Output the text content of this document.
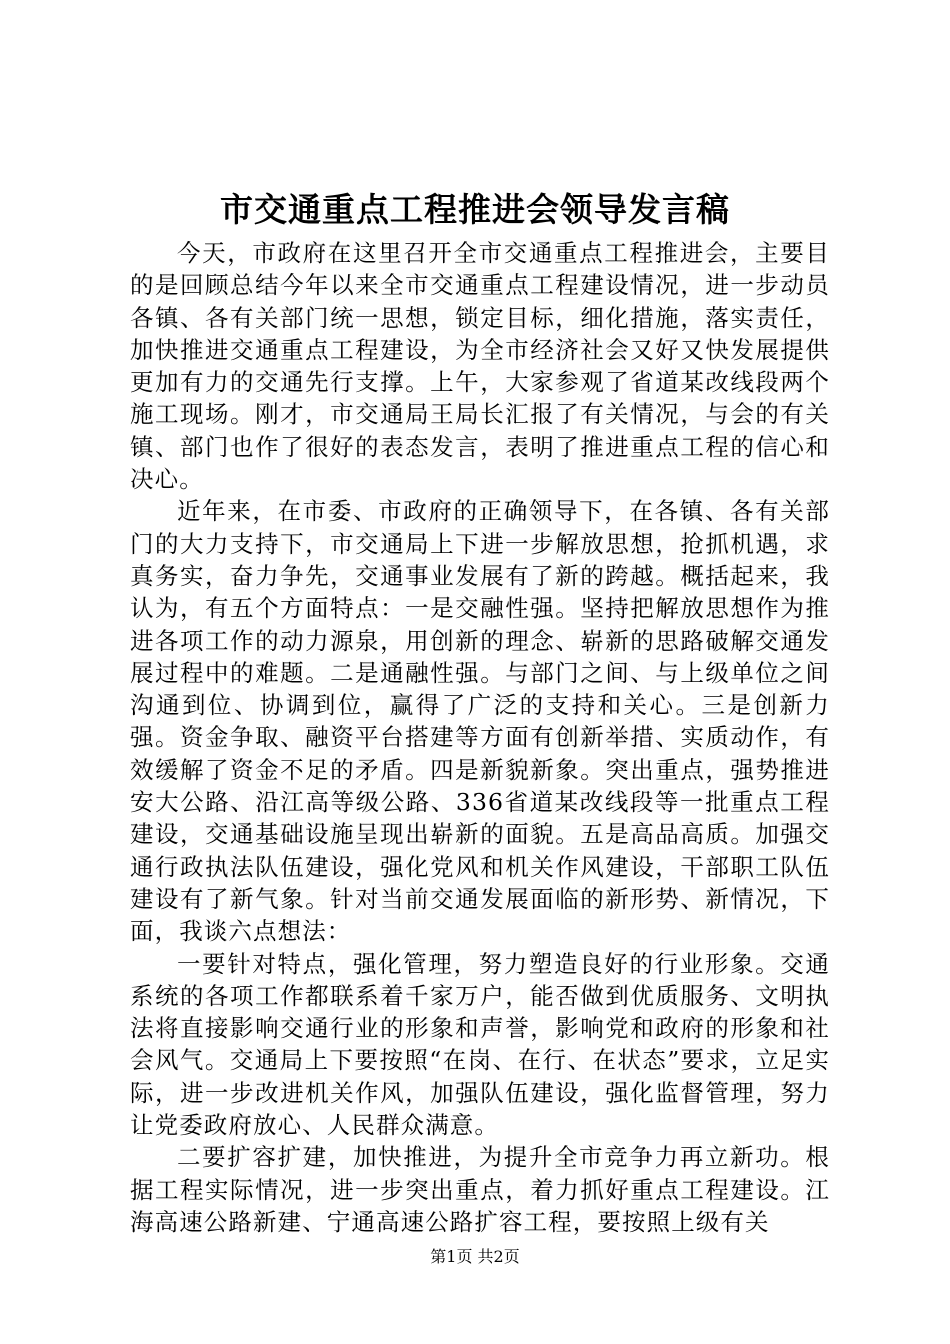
市交通重点工程推进会领导发言稿

今天，市政府在这里召开全市交通重点工程推进会，主要目的是回顾总结今年以来全市交通重点工程建设情况，进一步动员各镇、各有关部门统一思想，锁定目标，细化措施，落实责任，加快推进交通重点工程建设，为全市经济社会又好又快发展提供更加有力的交通先行支撑。上午，大家参观了省道某改线段两个施工现场。刚才，市交通局王局长汇报了有关情况，与会的有关镇、部门也作了很好的表态发言，表明了推进重点工程的信心和决心。

近年来，在市委、市政府的正确领导下，在各镇、各有关部门的大力支持下，市交通局上下进一步解放思想，抢抓机遇，求真务实，奋力争先，交通事业发展有了新的跨越。概括起来，我认为，有五个方面特点：一是交融性强。坚持把解放思想作为推进各项工作的动力源泉，用创新的理念、崭新的思路破解交通发展过程中的难题。二是通融性强。与部门之间、与上级单位之间沟通到位、协调到位，赢得了广泛的支持和关心。三是创新力强。资金争取、融资平台搭建等方面有创新举措、实质动作，有效缓解了资金不足的矛盾。四是新貌新象。突出重点，强势推进安大公路、沿江高等级公路、336省道某改线段等一批重点工程建设，交通基础设施呈现出崭新的面貌。五是高品高质。加强交通行政执法队伍建设，强化党风和机关作风建设，干部职工队伍建设有了新气象。针对当前交通发展面临的新形势、新情况，下面，我谈六点想法：

一要针对特点，强化管理，努力塑造良好的行业形象。交通系统的各项工作都联系着千家万户，能否做到优质服务、文明执法将直接影响交通行业的形象和声誉，影响党和政府的形象和社会风气。交通局上下要按照“在岗、在行、在状态”要求，立足实际，进一步改进机关作风，加强队伍建设，强化监督管理，努力让党委政府放心、人民群众满意。

二要扩容扩建，加快推进，为提升全市竞争力再立新功。根据工程实际情况，进一步突出重点，着力抓好重点工程建设。江海高速公路新建、宁通高速公路扩容工程，要按照上级有关

第1页 共2页
